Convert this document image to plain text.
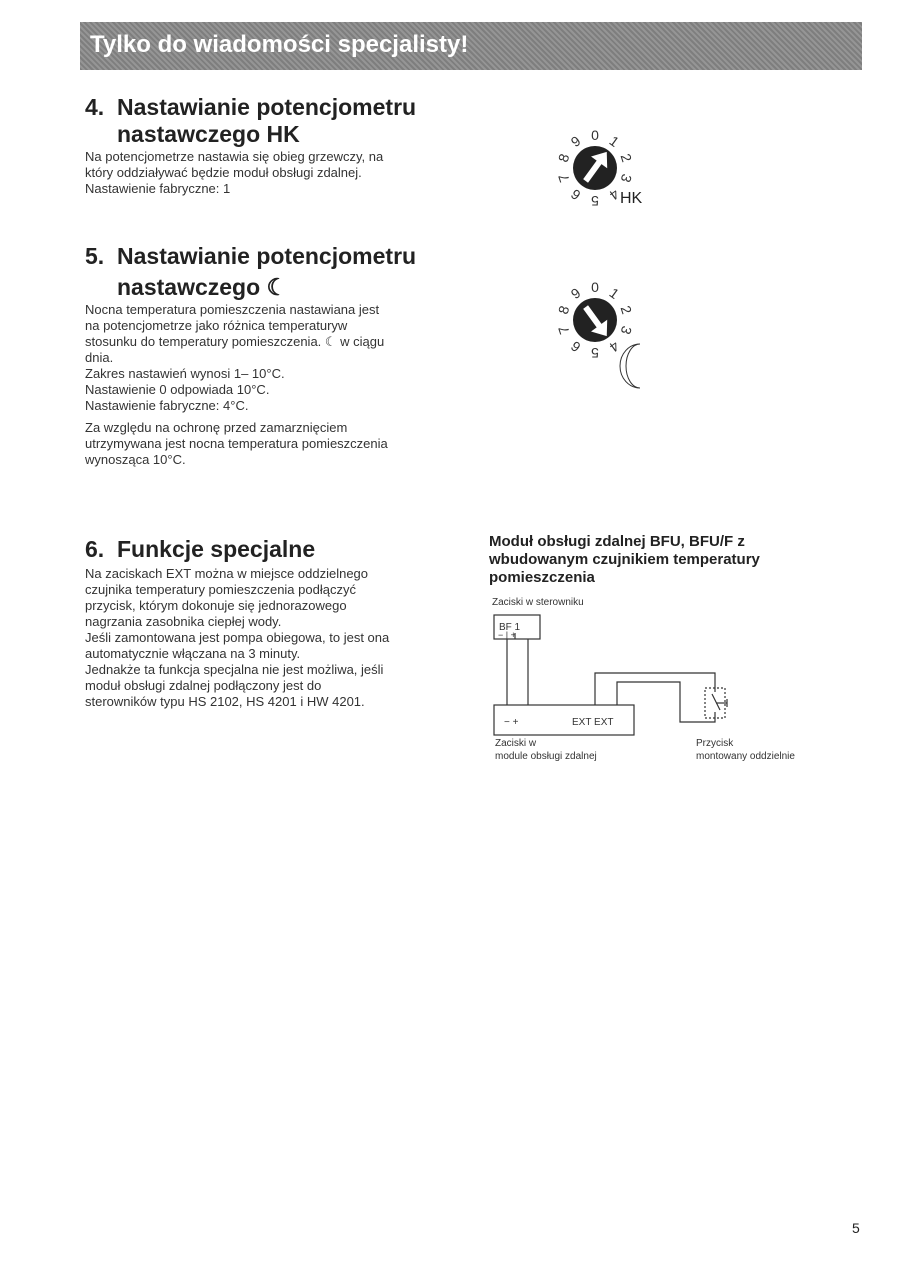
Tylko do wiadomości specjalisty!
4. Nastawianie potencjometru
nastawczego HK
Na potencjometrze nastawia się obieg grzewczy, na
który oddziaływać będzie moduł obsługi zdalnej.
Nastawienie fabryczne: 1
0 1
2
3
4
5
6
7
8
9
HK
5. Nastawianie potencjometru
nastawczego ☾
Nocna temperatura pomieszczenia nastawiana jest
na potencjometrze jako różnica temperaturyw
stosunku do temperatury pomieszczenia. ☾ w ciągu
dnia.
Zakres nastawień wynosi 1– 10°C.
Nastawienie 0 odpowiada 10°C.
Nastawienie fabryczne: 4°C.
Za względu na ochronę przed zamarznięciem
utrzymywana jest nocna temperatura pomieszczenia
wynosząca 10°C.
0 1
2
3
4
5
6
7
8
9
6. Funkcje specjalne
Na zaciskach EXT można w miejsce oddzielnego
czujnika temperatury pomieszczenia podłączyć
przycisk, którym dokonuje się jednorazowego
nagrzania zasobnika ciepłej wody.
Jeśli zamontowana jest pompa obiegowa, to jest ona
automatycznie włączana na 3 minuty.
Jednakże ta funkcja specjalna nie jest możliwa, jeśli
moduł obsługi zdalnej podłączony jest do
sterowników typu HS 2102, HS 4201 i HW 4201.
Moduł obsługi zdalnej BFU, BFU/F z
wbudowanym czujnikiem temperatury
pomieszczenia
Zaciski w sterowniku
BF 1
− | +
− +	EXT EXT
Zaciski w
module obsługi zdalnej
Przycisk
montowany oddzielnie
5
